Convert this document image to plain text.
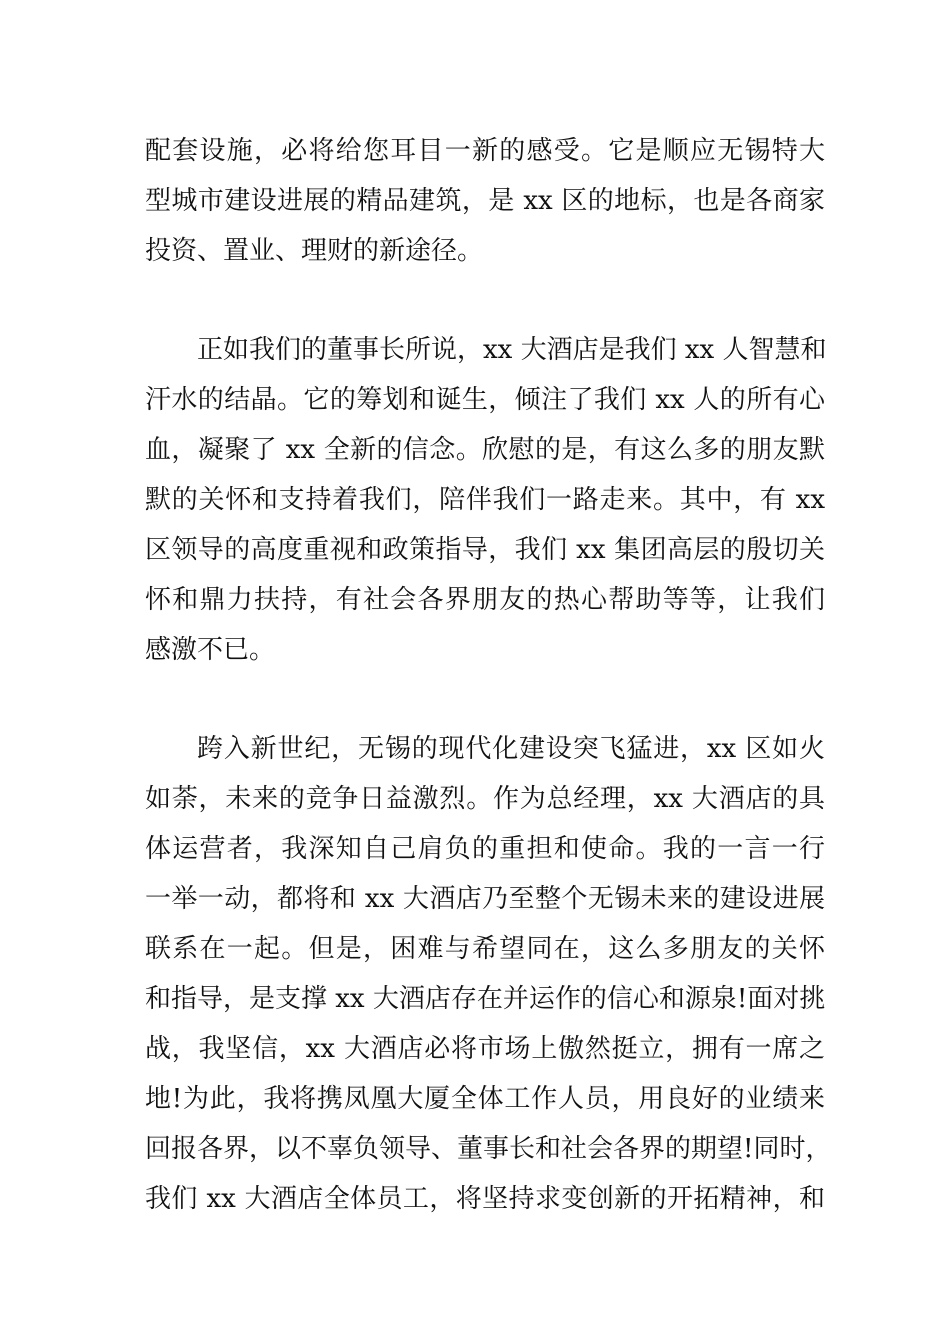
配套设施，必将给您耳目一新的感受。它是顺应无锡特大
型城市建设进展的精品建筑，是 xx 区的地标，也是各商家
投资、置业、理财的新途径。
正如我们的董事长所说，xx 大酒店是我们 xx 人智慧和
汗水的结晶。它的筹划和诞生，倾注了我们 xx 人的所有心
血，凝聚了 xx 全新的信念。欣慰的是，有这么多的朋友默
默的关怀和支持着我们，陪伴我们一路走来。其中，有 xx
区领导的高度重视和政策指导，我们 xx 集团高层的殷切关
怀和鼎力扶持，有社会各界朋友的热心帮助等等，让我们
感激不已。
跨入新世纪，无锡的现代化建设突飞猛进，xx 区如火
如荼，未来的竞争日益激烈。作为总经理，xx 大酒店的具
体运营者，我深知自己肩负的重担和使命。我的一言一行
一举一动，都将和 xx 大酒店乃至整个无锡未来的建设进展
联系在一起。但是，困难与希望同在，这么多朋友的关怀
和指导，是支撑 xx 大酒店存在并运作的信心和源泉!面对挑
战，我坚信，xx 大酒店必将市场上傲然挺立，拥有一席之
地!为此，我将携凤凰大厦全体工作人员，用良好的业绩来
回报各界，以不辜负领导、董事长和社会各界的期望!同时，
我们 xx 大酒店全体员工，将坚持求变创新的开拓精神，和
